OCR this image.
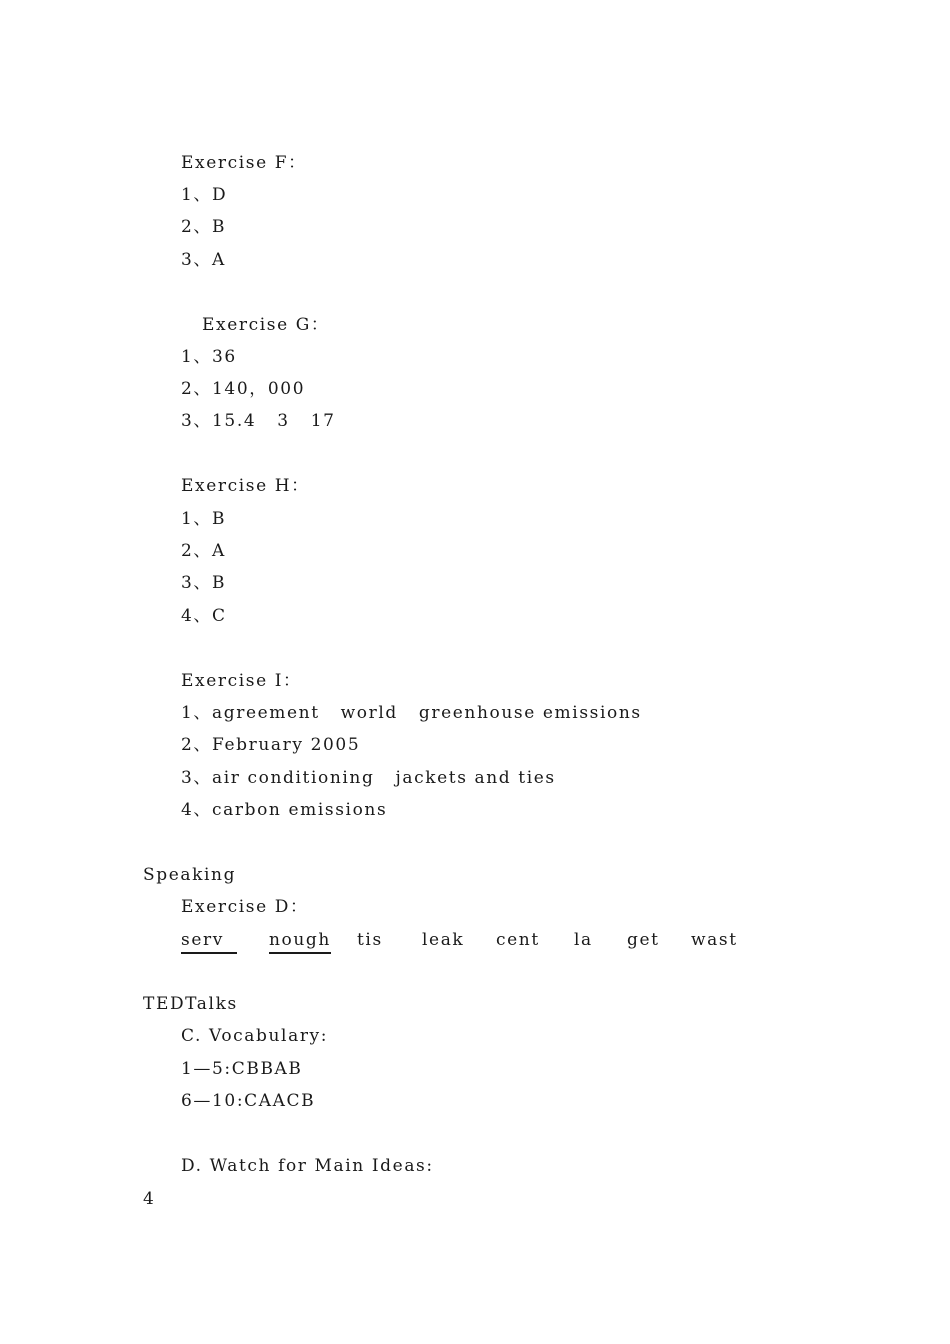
Exercise F：
1、D
2、B
3、A
Exercise G：
1、36
2、140，000
3、15.4   3   17
Exercise H：
1、B
2、A
3、B
4、C
Exercise I：
1、agreement   world   greenhouse emissions
2、February 2005
3、air conditioning   jackets and ties
4、carbon emissions
Speaking
Exercise D：

serv

	nough

tis

leak

cent

la

get

wast

TEDTalks
C. Vocabulary:
1—5:CBBAB
6—10:CAACB
D. Watch for Main Ideas:
4
